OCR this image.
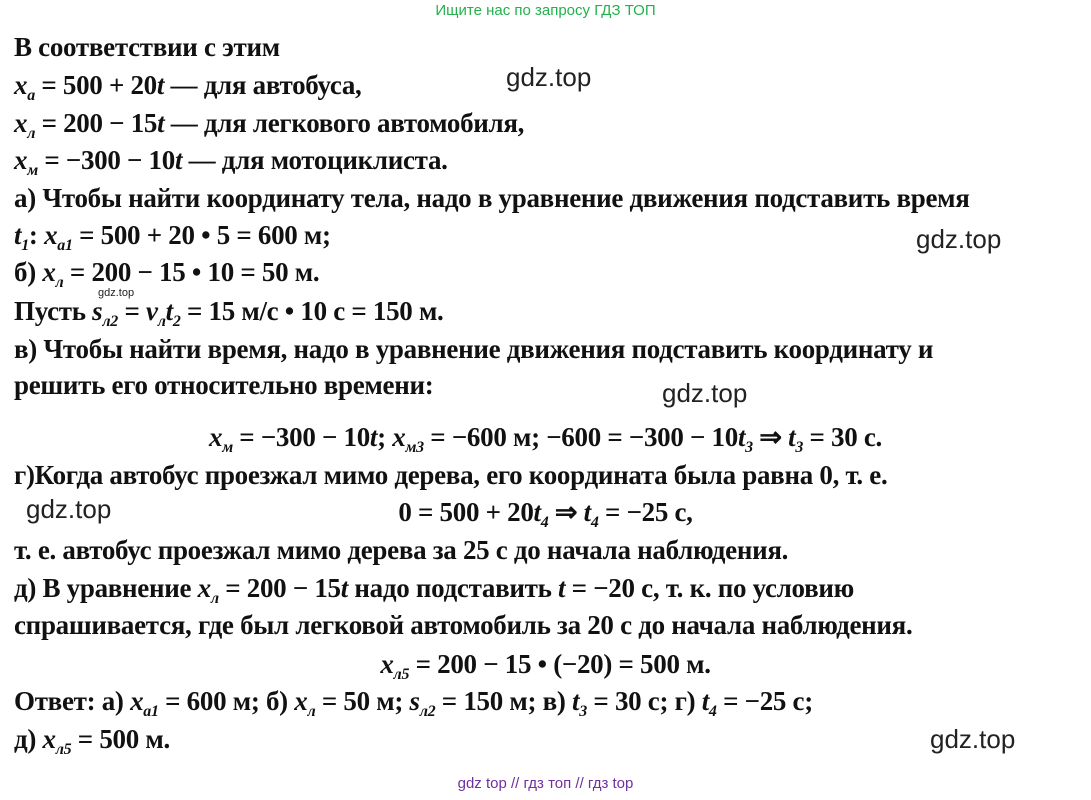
Ищите нас по запросу ГДЗ ТОП
В соответствии с этим
$x_а = 500 + 20t$ — для автобуса,
$x_л = 200 - 15t$ — для легкового автомобиля,
$x_м = -300 - 10t$ — для мотоциклиста.
а) Чтобы найти координату тела, надо в уравнение движения подставить время
$t_1$: $x_{a1} = 500 + 20$ • 5 = 600 м;
б) $x_л = 200 - 15$ • 10 = 50 м.
Пусть $s_{л2} = v_лt_2 = 15$ м/с • 10 с = 150 м.
в) Чтобы найти время, надо в уравнение движения подставить координату и
решить его относительно времени:
$x_м = -300 - 10t$; $x_{м3} = -600$ м; $-600 = -300 - 10t_3$ ⇒ $t_3 = 30$ с.
г)Когда автобус проезжал мимо дерева, его координата была равна 0, т. е.
$0 = 500 + 20t_4$ ⇒ $t_4 = -25$ с,
т. е. автобус проезжал мимо дерева за 25 с до начала наблюдения.
д) В уравнение $x_л = 200 - 15t$ надо подставить t = −20 с, т. к. по условию
спрашивается, где был легковой автомобиль за 20 с до начала наблюдения.
$x_{л5} = 200 - 15$ • (−20) = 500 м.
Ответ: а) $x_{a1} = 600$ м; б) $x_л = 50$ м; $s_{л2} = 150$ м; в) $t_3 = 30$ с; г) $t_4 = -25$ с;
д) $x_{л5} = 500$ м.
gdz.top
gdz.top
gdz.top
gdz.top
gdz.top
gdz.top
gdz top // гдз топ // гдз top
